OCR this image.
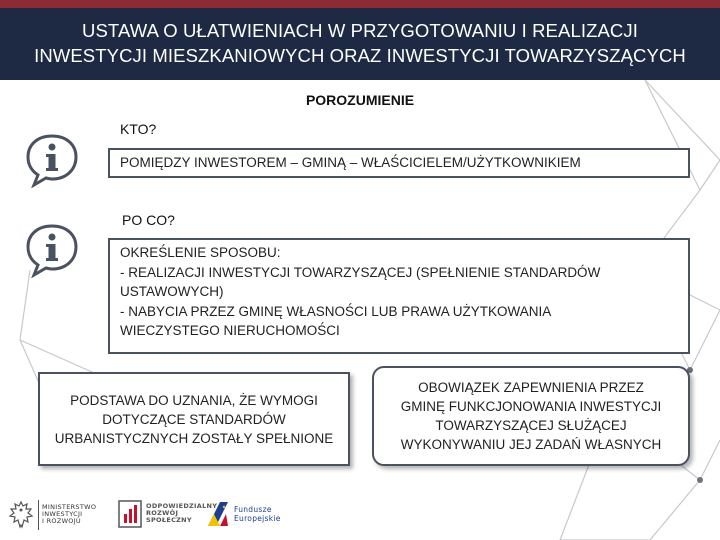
USTAWA O UŁATWIENIACH W PRZYGOTOWANIU I REALIZACJI
INWESTYCJI MIESZKANIOWYCH ORAZ INWESTYCJI TOWARZYSZĄCYCH
POROZUMIENIE
KTO?
POMIĘDZY INWESTOREM – GMINĄ – WŁAŚCICIELEM/UŻYTKOWNIKIEM
PO CO?
OKREŚLENIE SPOSOBU:
- REALIZACJI INWESTYCJI TOWARZYSZĄCEJ (SPEŁNIENIE STANDARDÓW
USTAWOWYCH)
- NABYCIA PRZEZ GMINĘ WŁASNOŚCI LUB PRAWA UŻYTKOWANIA
WIECZYSTEGO NIERUCHOMOŚCI
PODSTAWA DO UZNANIA, ŻE WYMOGI
DOTYCZĄCE STANDARDÓW
URBANISTYCZNYCH ZOSTAŁY SPEŁNIONE
OBOWIĄZEK ZAPEWNIENIA PRZEZ
GMINĘ FUNKCJONOWANIA INWESTYCJI
TOWARZYSZĄCEJ SŁUŻĄCEJ
WYKONYWANIU JEJ ZADAŃ WŁASNYCH
MINISTERSTWO
INWESTYCJI
I ROZWOJU
ODPOWIEDZIALNY
ROZWÓJ
SPOŁECZNY
Fundusze
Europejskie
